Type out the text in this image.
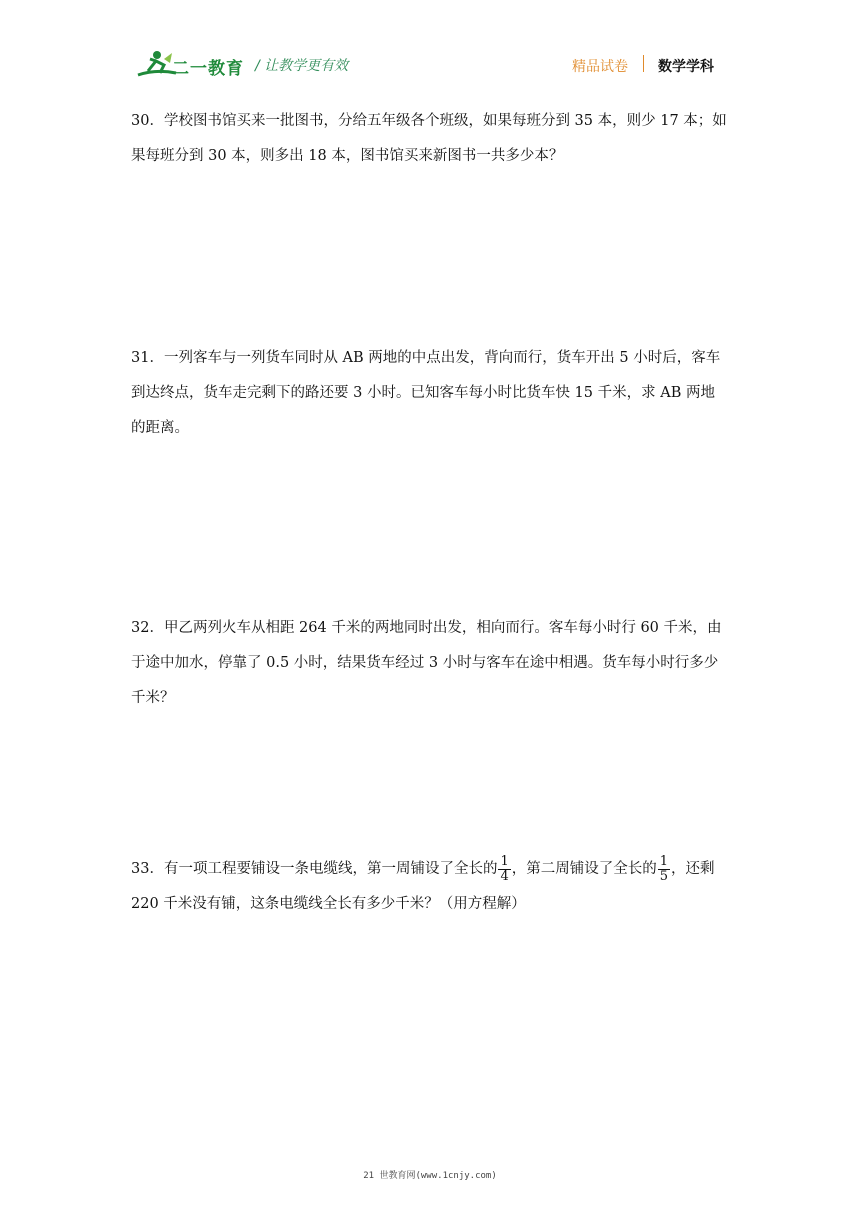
二一教育 / 让教学更有效	精品试卷 数学学科

30．学校图书馆买来一批图书，分给五年级各个班级，如果每班分到 35 本，则少 17 本；如

果每班分到 30 本，则多出 18 本，图书馆买来新图书一共多少本？

31．一列客车与一列货车同时从 AB 两地的中点出发，背向而行，货车开出 5 小时后，客车

到达终点，货车走完剩下的路还要 3 小时。已知客车每小时比货车快 15 千米，求 AB 两地

的距离。

32．甲乙两列火车从相距 264 千米的两地同时出发，相向而行。客车每小时行 60 千米，由

于途中加水，停靠了 0.5 小时，结果货车经过 3 小时与客车在途中相遇。货车每小时行多少

千米？

33．有一项工程要铺设一条电缆线，第一周铺设了全长的 $\frac{1}{4}$ ，第二周铺设了全长的 $\frac{1}{5}$ ，还剩

220 千米没有铺，这条电缆线全长有多少千米？（用方程解）

21 世教育网(www.1cnjy.com)
